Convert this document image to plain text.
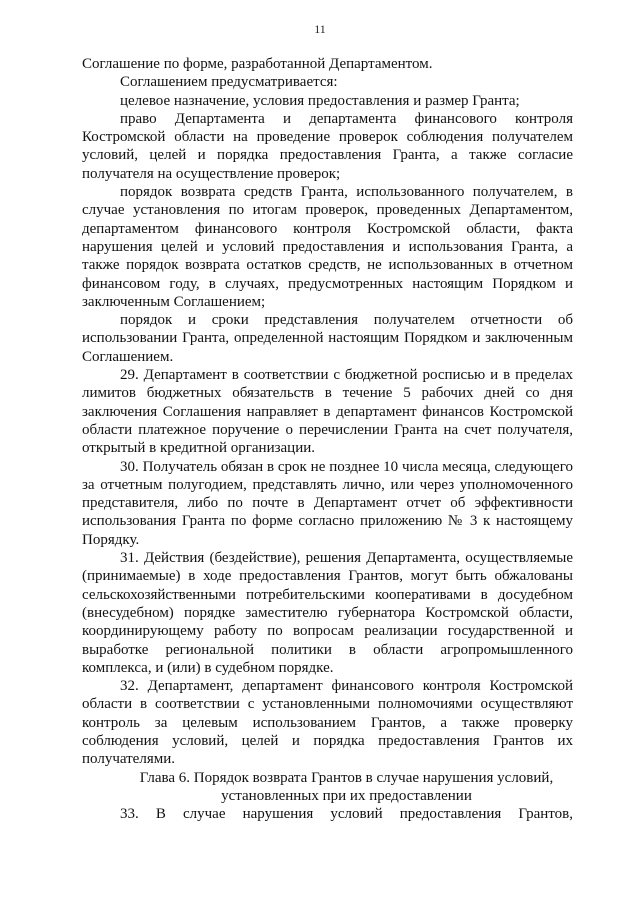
11

Соглашение по форме, разработанной Департаментом.

Соглашением предусматривается:

целевое назначение, условия предоставления и размер Гранта;

право Департамента и департамента финансового контроля Костромской области на проведение проверок соблюдения получателем условий, целей и порядка предоставления Гранта, а также согласие получателя на осуществление проверок;

порядок возврата средств Гранта, использованного получателем, в случае установления по итогам проверок, проведенных Департаментом, департаментом финансового контроля Костромской области, факта нарушения целей и условий предоставления и использования Гранта, а также порядок возврата остатков средств, не использованных в отчетном финансовом году, в случаях, предусмотренных настоящим Порядком и заключенным Соглашением;

порядок и сроки представления получателем отчетности об использовании Гранта, определенной настоящим Порядком и заключенным Соглашением.

29. Департамент в соответствии с бюджетной росписью и в пределах лимитов бюджетных обязательств в течение 5 рабочих дней со дня заключения Соглашения направляет в департамент финансов Костромской области платежное поручение о перечислении Гранта на счет получателя, открытый в кредитной организации.

30. Получатель обязан в срок не позднее 10 числа месяца, следующего за отчетным полугодием, представлять лично, или через уполномоченного представителя, либо по почте в Департамент отчет об эффективности использования Гранта по форме согласно приложению № 3 к настоящему Порядку.

31. Действия (бездействие), решения Департамента, осуществляемые (принимаемые) в ходе предоставления Грантов, могут быть обжалованы сельскохозяйственными потребительскими кооперативами в досудебном (внесудебном) порядке заместителю губернатора Костромской области, координирующему работу по вопросам реализации государственной и выработке региональной политики в области агропромышленного комплекса, и (или) в судебном порядке.

32. Департамент, департамент финансового контроля Костромской области в соответствии с установленными полномочиями осуществляют контроль за целевым использованием Грантов, а также проверку соблюдения условий, целей и порядка предоставления Грантов их получателями.

Глава 6. Порядок возврата Грантов в случае нарушения условий,
установленных при их предоставлении

33. В случае нарушения условий предоставления Грантов,
